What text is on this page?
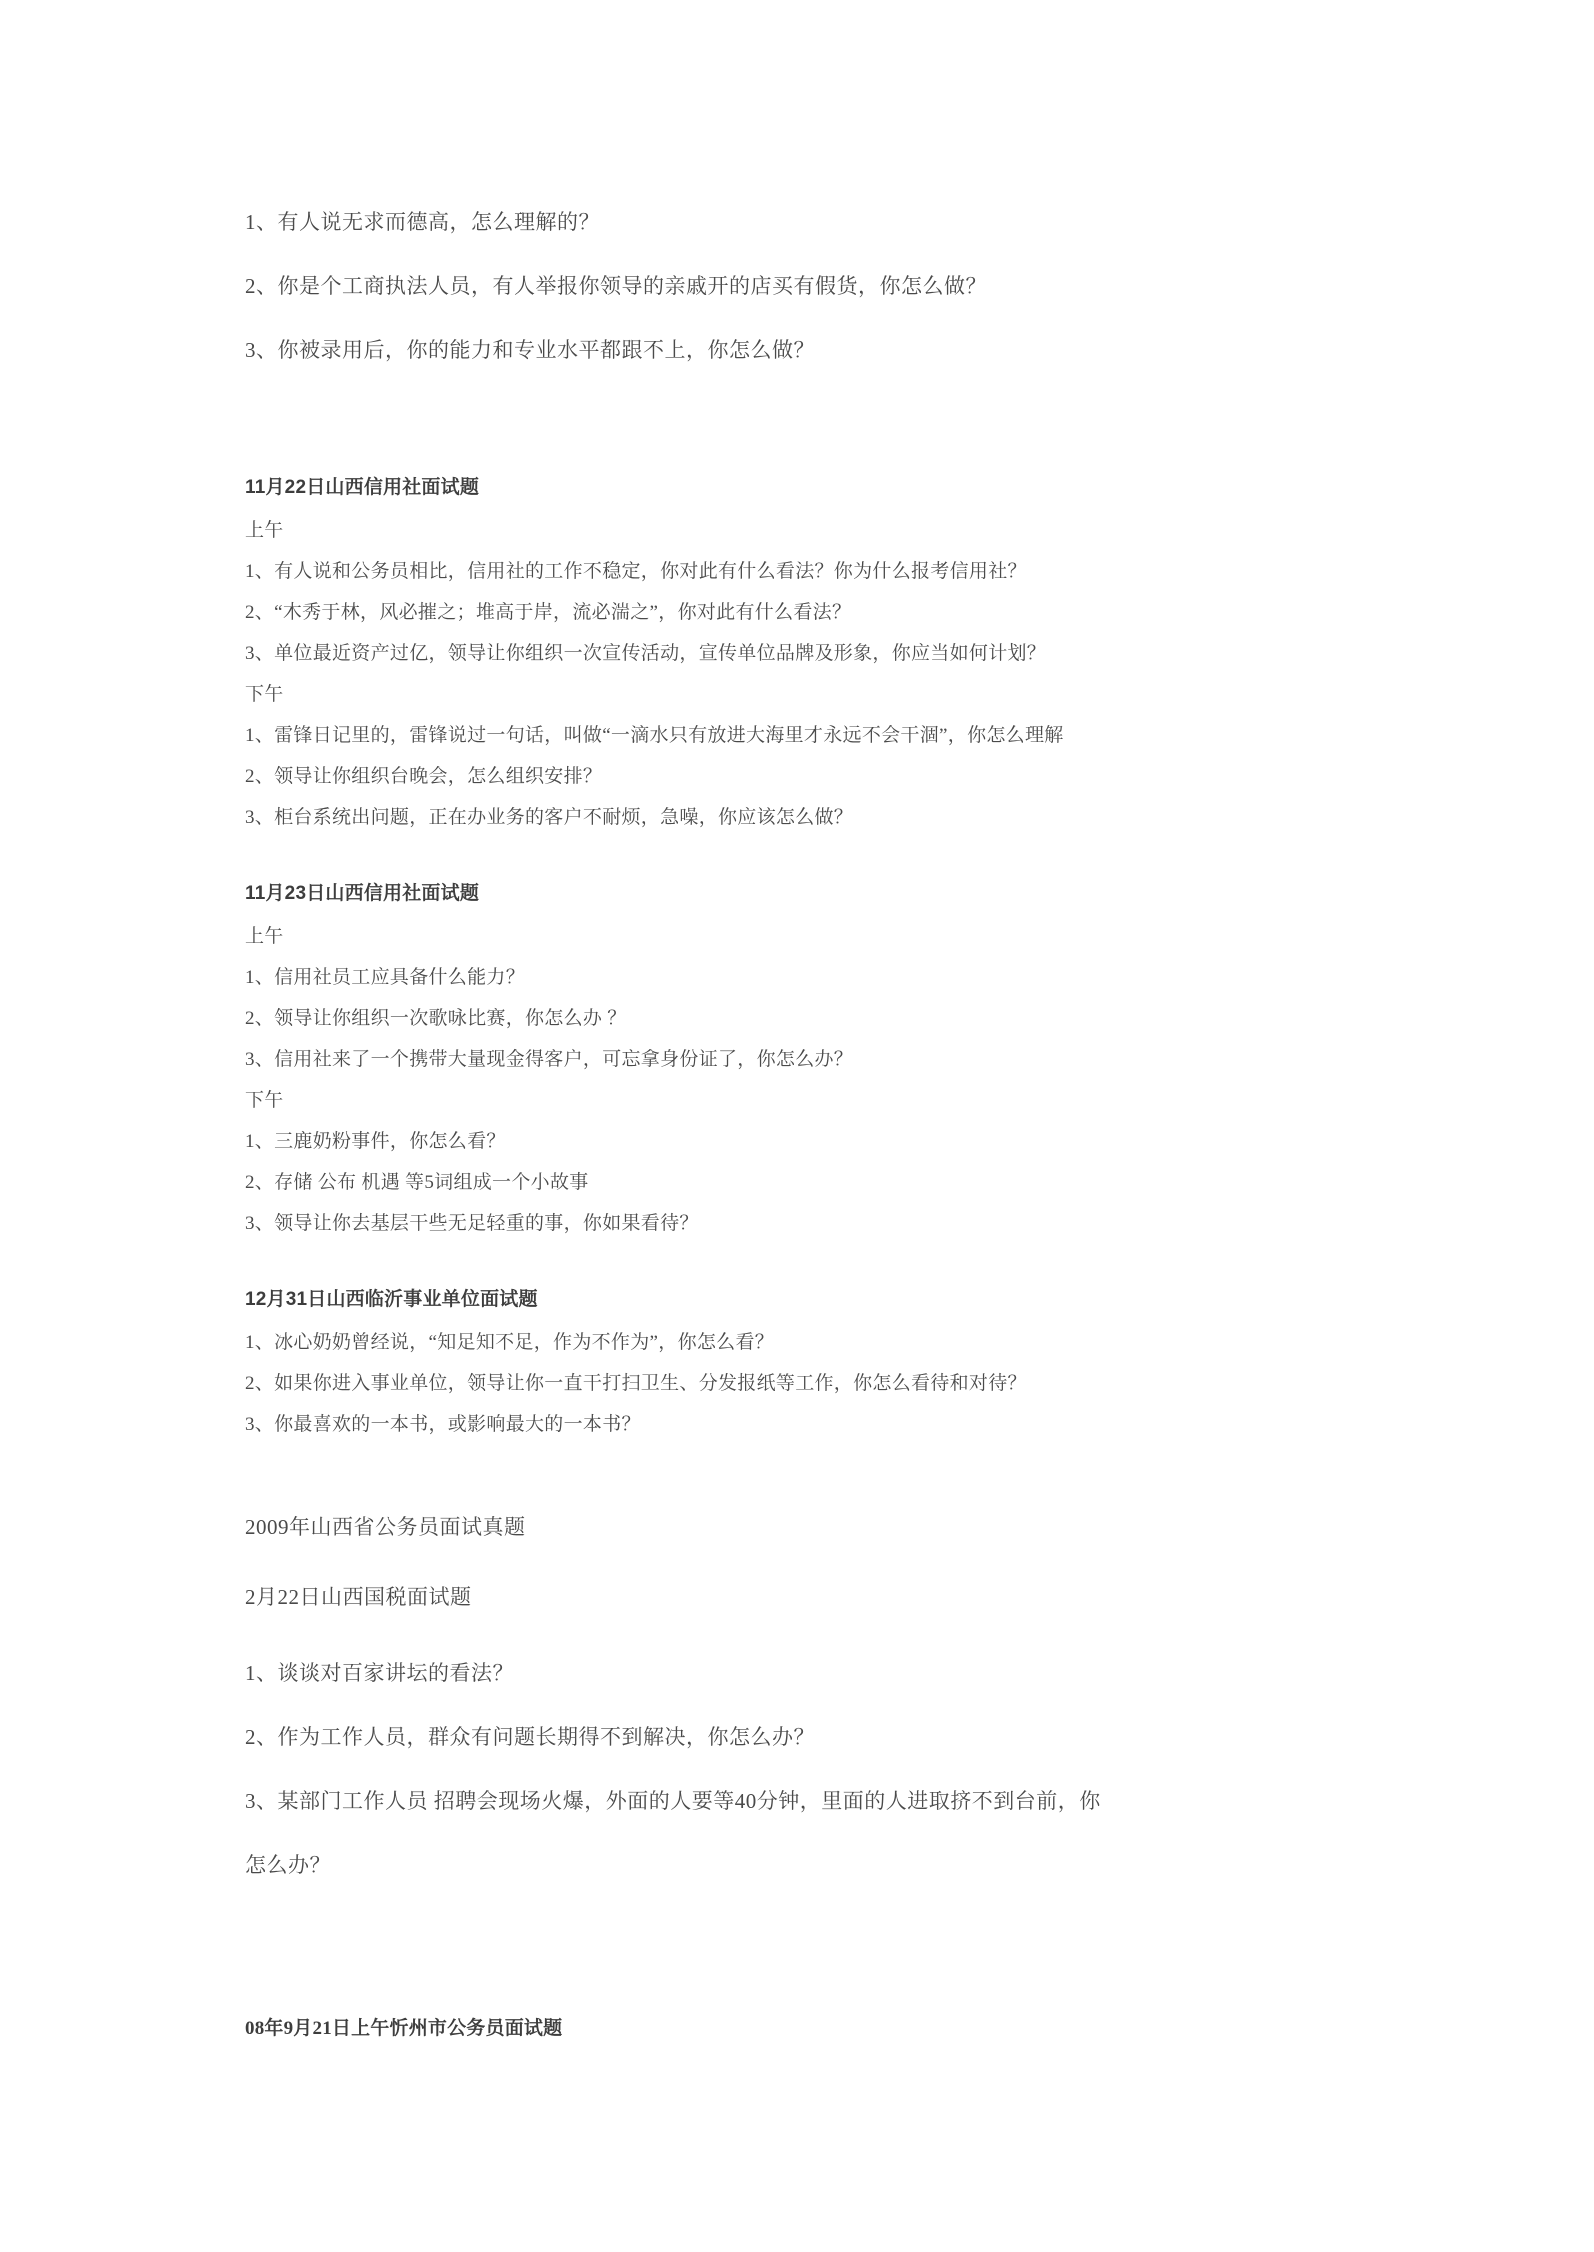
1、有人说无求而德高，怎么理解的？
2、你是个工商执法人员，有人举报你领导的亲戚开的店买有假货，你怎么做？
3、你被录用后，你的能力和专业水平都跟不上，你怎么做？
11月22日山西信用社面试题
上午
1、有人说和公务员相比，信用社的工作不稳定，你对此有什么看法？你为什么报考信用社？
2、“木秀于林，风必摧之；堆高于岸，流必湍之”，你对此有什么看法？
3、单位最近资产过亿，领导让你组织一次宣传活动，宣传单位品牌及形象，你应当如何计划？
下午
1、雷锋日记里的，雷锋说过一句话，叫做“一滴水只有放进大海里才永远不会干涸”，你怎么理解
2、领导让你组织台晚会，怎么组织安排？
3、柜台系统出问题，正在办业务的客户不耐烦，急噪，你应该怎么做？
11月23日山西信用社面试题
上午
1、信用社员工应具备什么能力？
2、领导让你组织一次歌咏比赛，你怎么办 ？
3、信用社来了一个携带大量现金得客户，可忘拿身份证了，你怎么办？
下午
1、三鹿奶粉事件，你怎么看？
2、存储 公布 机遇 等5词组成一个小故事
3、领导让你去基层干些无足轻重的事，你如果看待？
12月31日山西临沂事业单位面试题
1、冰心奶奶曾经说，“知足知不足，作为不作为”，你怎么看？
2、如果你进入事业单位，领导让你一直干打扫卫生、分发报纸等工作，你怎么看待和对待？
3、你最喜欢的一本书，或影响最大的一本书？
2009年山西省公务员面试真题
2月22日山西国税面试题
1、谈谈对百家讲坛的看法？
2、作为工作人员，群众有问题长期得不到解决，你怎么办？
3、某部门工作人员 招聘会现场火爆，外面的人要等40分钟，里面的人进取挤不到台前，你
怎么办？
08年9月21日上午忻州市公务员面试题
